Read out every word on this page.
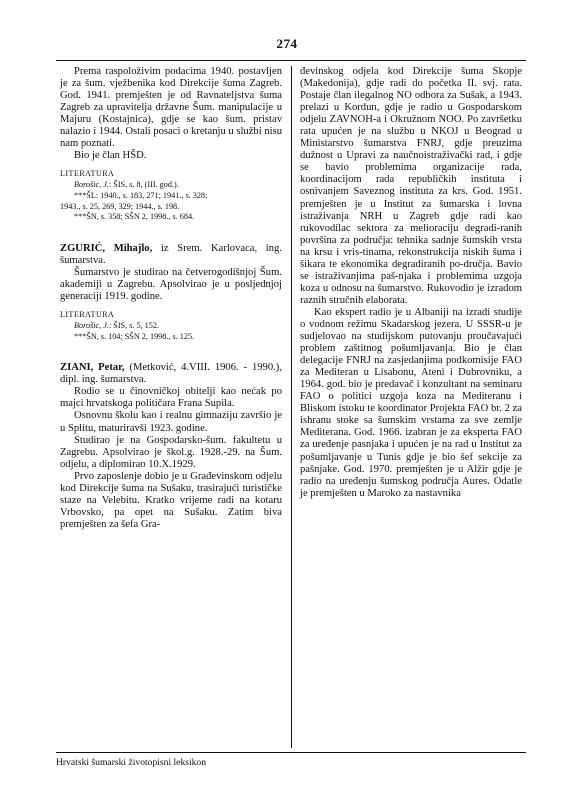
274

Prema raspoloživim podacima 1940. postavljen je za šum. vježbenika kod Direkcije šuma Zagreb. God. 1941. premješten je od Ravnateljstva šuma Zagreb za upravitelja državne Šum. manipulacije u Majuru (Kostajnica), gdje se kao šum. pristav nalazio i 1944. Ostali posaci o kretanju u službi nisu nam poznati.

Bio je član HŠD.

LITERATURA
Borošic, J.: ŠIS, s. 8, (III. god.).
***ŠL: 1940., s. 183, 271; 1941., s. 328;
1943., s. 25, 269, 329; 1944., s. 198.
***ŠN, s. 358; SŠN 2, 1998., s. 684.

ZGURIĆ, Mihajlo, iz Srem. Karlovaca, ing. šumarstva.

Šumarstvo je studirao na četverogodišnjoj Šum. akademiji u Zagrebu. Apsolvirao je u posljednjoj generaciji 1919. godine.

LITERATURA
Borošic, J.: ŠIS, s. 5, 152.
***ŠN, s. 104; SŠN 2, 1998., s. 125.

ZIANI, Petar, (Metković, 4.VIII. 1906. - 1990.), dipl. ing. šumarstva.

Rodio se u činovničkoj obitelji kao nećak po majci hrvatskoga političara Frana Supila.

Osnovnu školu kao i realnu gimnaziju završio je u Splitu, maturiravši 1923. godine.

Studirao je na Gospodarsko-šum. fakultetu u Zagrebu. Apsolvirao je škol.g. 1928.-29. na Šum. odjelu, a diplomirao 10.X.1929.

Prvo zaposlenje dobio je u Građevinskom odjelu kod Direkcije šuma na Sušaku, trasirajući turističke staze na Velebitu. Kratko vrijeme radi na kotaru Vrbovsko, pa opet na Sušaku. Zatim biva premješten za šefa Gra-

đevinskog odjela kod Direkcije šuma Skopje (Makedonija), gdje radi do početka II. svj. rata. Postaje član ilegalnog NO odbora za Sušak, a 1943. prelazi u Kordun, gdje je radio u Gospodarskom odjelu ZAVNOH-a i Okružnom NOO. Po završetku rata upućen je na službu u NKOJ u Beograd u Ministarstvo šumarstva FNRJ, gdje preuzima dužnost u Upravi za naučnoistraživački rad, i gdje se bavio problemima organizacije rada, koordinacijom rada republičkih instituta i osnivanjem Saveznog instituta za krs. God. 1951. premješten je u Institut za šumarska i lovna istraživanja NRH u Zagreb gdje radi kao rukovodilac sektora za melioraciju degradi-ranih površina za područja: tehnika sadnje šumskih vrsta na krsu i vris-tinama, rekonstrukcija niskih šuma i šikara te ekonomika degradiranih po-dručja. Bavio se istraživanjima paš-njaka i problemima uzgoja koza u odnosu na šumarstvo. Rukovodio je izradom raznih stručnih elaborata.

Kao ekspert radio je u Albaniji na izradi studije o vodnom režimu Skadarskog jezera. U SSSR-u je sudjelovao na studijskom putovanju proučavajući problem zaštitnog pošumljavanja. Bio je član delegacije FNRJ na zasjedanjima podkomisije FAO za Mediteran u Lisabonu, Ateni i Dubrovniku, a 1964. god. bio je predavač i konzultant na seminaru FAO o politici uzgoja koza na Mediteranu i Bliskom istoku te koordinator Projekta FAO br. 2 za ishranu stoke sa šumskim vrstama za sve zemlje Mediterana. God. 1966. izabran je za eksperta FAO za uređenje pasnjaka i upućen je na rad u Institut za pošumljavanje u Tunis gdje je bio šef sekcije za pašnjake. God. 1970. premješten je u Alžir gdje je radio na uređenju šumskog područja Aures. Odatle je premješten u Maroko za nastavnika

Hrvatski šumarski životopisni leksikon
